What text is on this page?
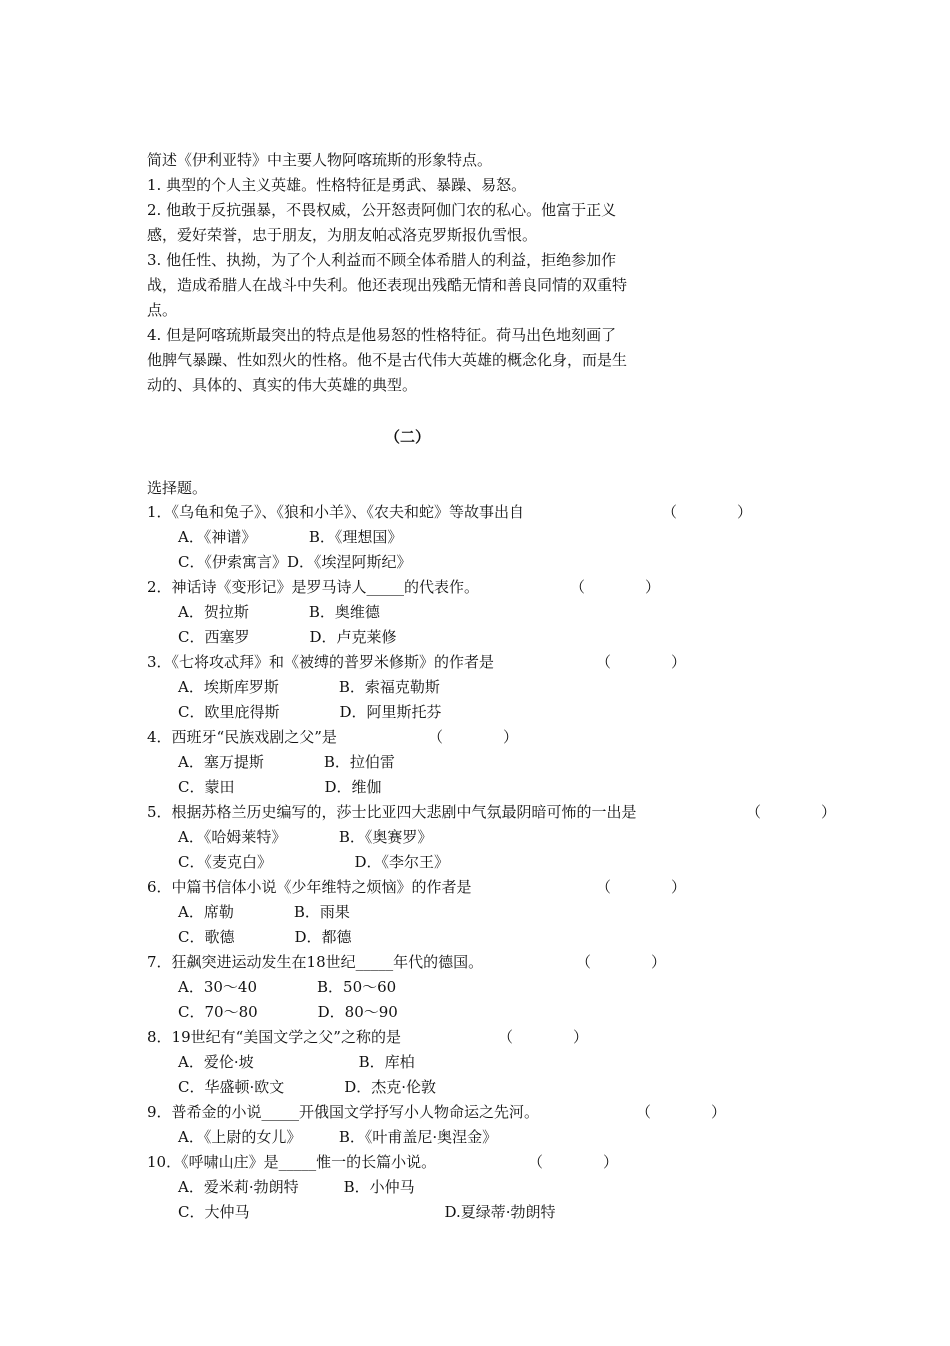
简述《伊利亚特》中主要人物阿喀琉斯的形象特点。
1. 典型的个人主义英雄。性格特征是勇武、暴躁、易怒。
2. 他敢于反抗强暴，不畏权威，公开怒责阿伽门农的私心。他富于正义
感，爱好荣誉，忠于朋友，为朋友帕忒洛克罗斯报仇雪恨。
3. 他任性、执拗，为了个人利益而不顾全体希腊人的利益，拒绝参加作
战，造成希腊人在战斗中失利。他还表现出残酷无情和善良同情的双重特
点。
4. 但是阿喀琉斯最突出的特点是他易怒的性格特征。荷马出色地刻画了
他脾气暴躁、性如烈火的性格。他不是古代伟大英雄的概念化身，而是生
动的、具体的、真实的伟大英雄的典型。
（二）
选择题。
1．《乌龟和兔子》、《狼和小羊》、《农夫和蛇》等故事出自	（　　　　）
A．《神谱》　　　　B．《理想国》
C．《伊索寓言》D．《埃涅阿斯纪》
2．神话诗《变形记》是罗马诗人_____的代表作。	（　　　　）
A．贺拉斯　　　　B．奥维德
C．西塞罗　　　　D．卢克莱修
3．《七将攻忒拜》和《被缚的普罗米修斯》的作者是	（　　　　）
A．埃斯库罗斯　　　　B．索福克勒斯
C．欧里庇得斯　　　　D．阿里斯托芬
4．西班牙“民族戏剧之父”是	（　　　　）
A．塞万提斯　　　　B．拉伯雷
C．蒙田　　　　　　D．维伽
5．根据苏格兰历史编写的，莎士比亚四大悲剧中气氛最阴暗可怖的一出是	（　　　　）
A．《哈姆莱特》　　　　B．《奥赛罗》
C．《麦克白》　　　　　　D．《李尔王》
6．中篇书信体小说《少年维特之烦恼》的作者是	（　　　　）
A．席勒　　　　B．雨果
C．歌德　　　　D．都德
7．狂飙突进运动发生在18世纪_____年代的德国。	（　　　　）
A．30～40　　　　B．50～60
C．70～80　　　　D．80～90
8．19世纪有“美国文学之父”之称的是	（　　　　）
A．爱伦·坡　　　　　　　B．库柏
C．华盛顿·欧文　　　　D．杰克·伦敦
9．普希金的小说_____开俄国文学抒写小人物命运之先河。	（　　　　）
A．《上尉的女儿》　　　B．《叶甫盖尼·奥涅金》
10．《呼啸山庄》是_____惟一的长篇小说。	（　　　　）
A．爱米莉·勃朗特　　　B．小仲马
C．大仲马　　　　　　　　　　　　　D.夏绿蒂·勃朗特
